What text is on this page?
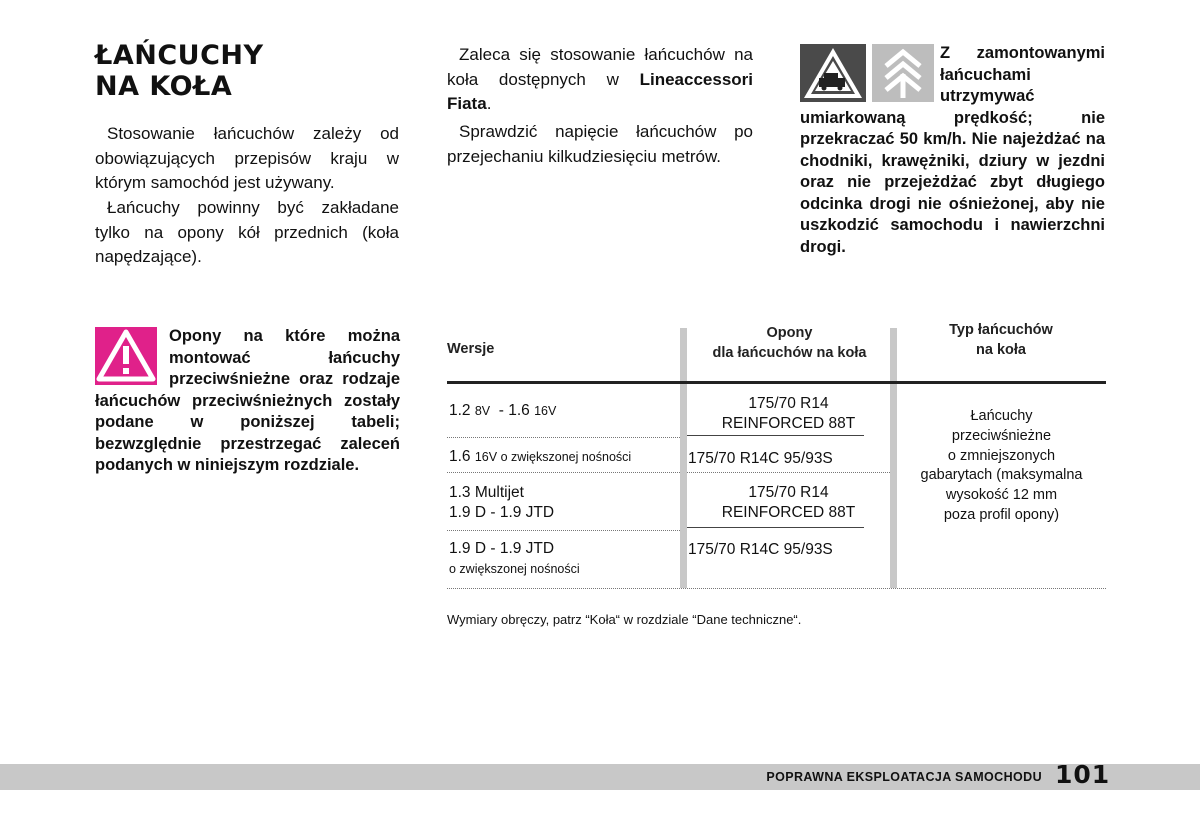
ŁAŃCUCHY
NA KOŁA

Stosowanie łańcuchów zależy od obowiązujących przepisów kraju w którym samochód jest używany.

Łańcuchy powinny być zakładane tylko na opony kół przednich (koła napędzające).

Zaleca się stosowanie łańcuchów na koła dostępnych w Lineaccessori Fiata.

Sprawdzić napięcie łańcuchów po przejechaniu kilkudziesięciu metrów.

Z zamontowanymi łańcuchami utrzymywać umiarkowaną prędkość; nie przekraczać 50 km/h. Nie najeżdżać na chodniki, krawężniki, dziury w jezdni oraz nie przejeżdżać zbyt długiego odcinka drogi nie ośnieżonej, aby nie uszkodzić samochodu i nawierzchni drogi.

Opony na które można montować łańcuchy przeciwśnieżne oraz rodzaje łańcuchów przeciwśnieżnych zostały podane w poniższej tabeli; bezwzględnie przestrzegać zaleceń podanych w niniejszym rozdziale.

Wersje
Opony
dla łańcuchów na koła
Typ łańcuchów
na koła
1.2 8V  - 1.6 16V	175/70 R14
REINFORCED 88T
1.6 16V o zwiększonej nośności	175/70 R14C 95/93S
1.3 Multijet
1.9 D - 1.9 JTD
175/70 R14
REINFORCED 88T
1.9 D - 1.9 JTD
o zwiększonej nośności
175/70 R14C 95/93S
Łańcuchy
przeciwśnieżne
o zmniejszonych
gabarytach (maksymalna
wysokość 12 mm
poza profil opony)
Wymiary obręczy, patrz “Koła“ w rozdziale “Dane techniczne“.
POPRAWNA EKSPLOATACJA SAMOCHODU 101
